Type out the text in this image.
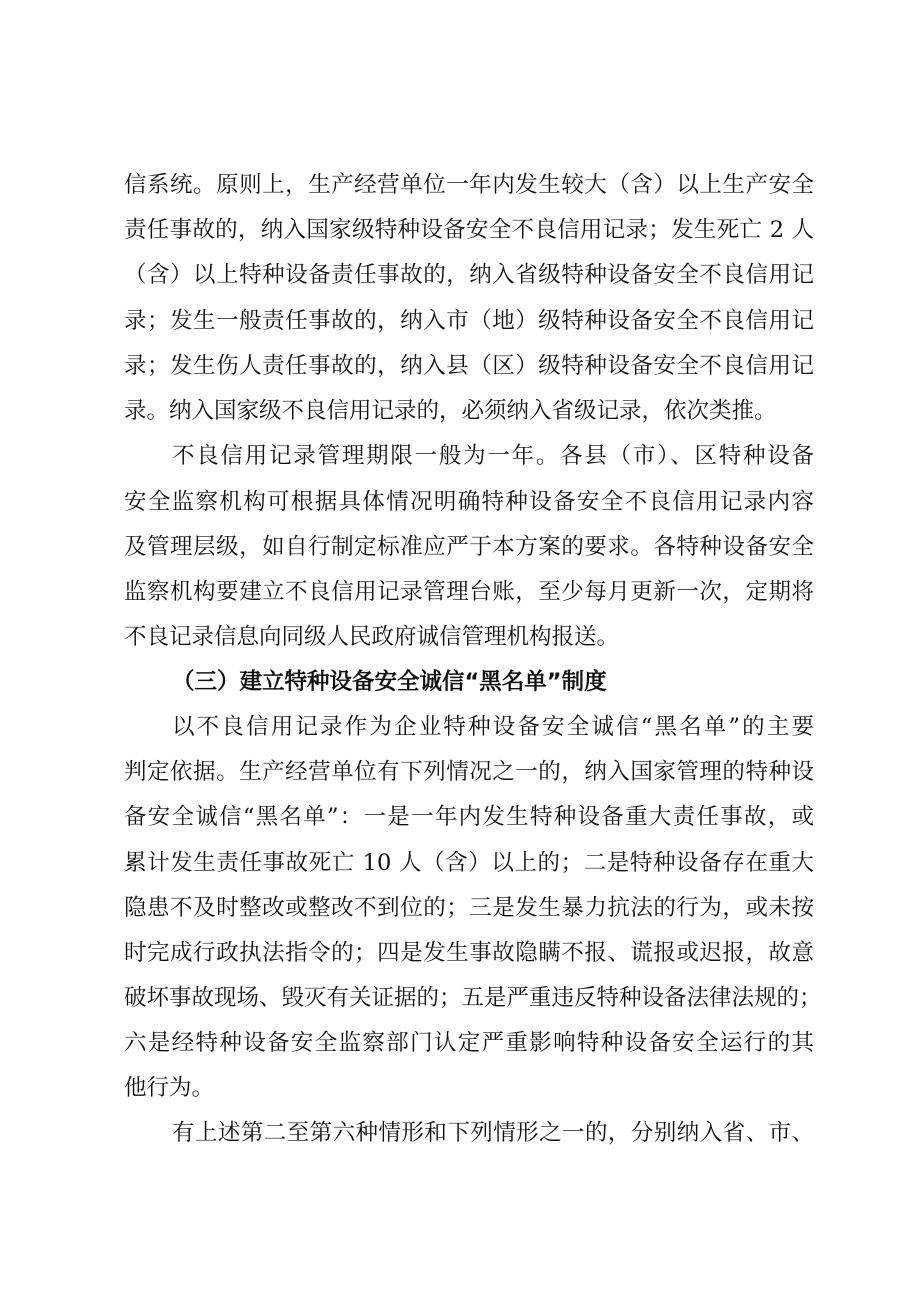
信系统。原则上，生产经营单位一年内发生较大（含）以上生产安全
责任事故的，纳入国家级特种设备安全不良信用记录；发生死亡 2 人
（含）以上特种设备责任事故的，纳入省级特种设备安全不良信用记
录；发生一般责任事故的，纳入市（地）级特种设备安全不良信用记
录；发生伤人责任事故的，纳入县（区）级特种设备安全不良信用记
录。纳入国家级不良信用记录的，必须纳入省级记录，依次类推。
不良信用记录管理期限一般为一年。各县（市）、区特种设备
安全监察机构可根据具体情况明确特种设备安全不良信用记录内容
及管理层级，如自行制定标准应严于本方案的要求。各特种设备安全
监察机构要建立不良信用记录管理台账，至少每月更新一次，定期将
不良记录信息向同级人民政府诚信管理机构报送。
（三）建立特种设备安全诚信“黑名单”制度
以不良信用记录作为企业特种设备安全诚信“黑名单”的主要
判定依据。生产经营单位有下列情况之一的，纳入国家管理的特种设
备安全诚信“黑名单”：一是一年内发生特种设备重大责任事故，或
累计发生责任事故死亡 10 人（含）以上的；二是特种设备存在重大
隐患不及时整改或整改不到位的；三是发生暴力抗法的行为，或未按
时完成行政执法指令的；四是发生事故隐瞒不报、谎报或迟报，故意
破坏事故现场、毁灭有关证据的；五是严重违反特种设备法律法规的；
六是经特种设备安全监察部门认定严重影响特种设备安全运行的其
他行为。
有上述第二至第六种情形和下列情形之一的，分别纳入省、市、
